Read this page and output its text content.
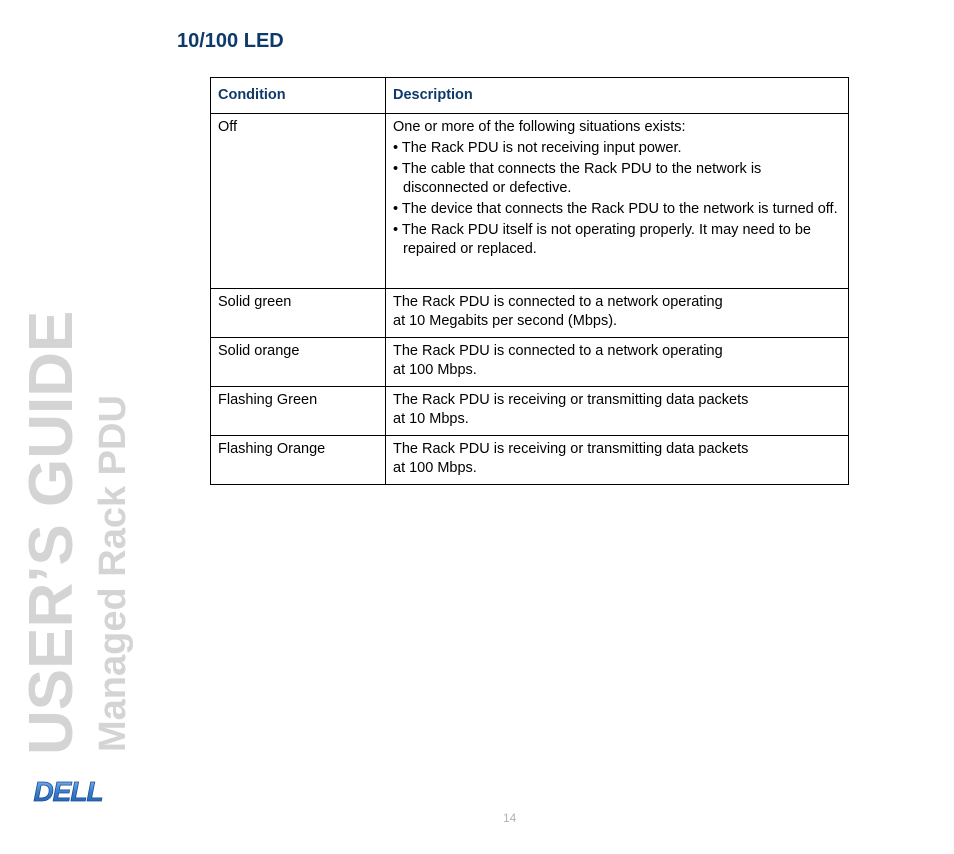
10/100 LED
Condition	Description
Off	One or more of the following situations exists:
• The Rack PDU is not receiving input power.
• The cable that connects the Rack PDU to the network is disconnected or defective.
• The device that connects the Rack PDU to the network is turned off.
• The Rack PDU itself is not operating properly. It may need to be repaired or replaced.

Solid green	The Rack PDU is connected to a network operating
at 10 Megabits per second (Mbps).

Solid orange	The Rack PDU is connected to a network operating
at 100 Mbps.

Flashing Green	The Rack PDU is receiving or transmitting data packets
at 10 Mbps.

Flashing Orange	The Rack PDU is receiving or transmitting data packets
at 100 Mbps.
USER’S GUIDE Managed Rack PDU
DELL
14
